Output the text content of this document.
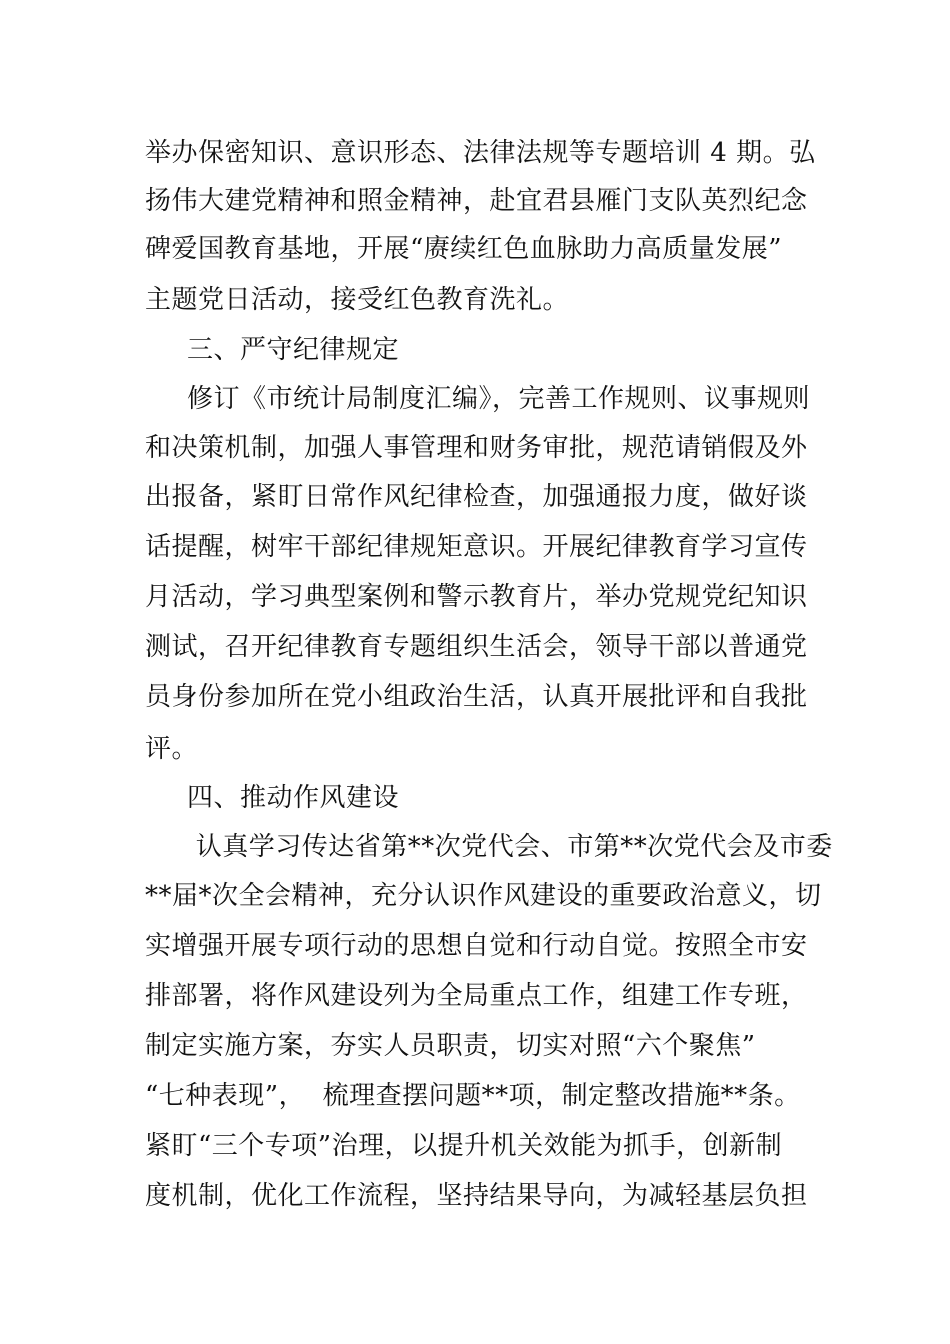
举办保密知识、意识形态、法律法规等专题培训 4 期。弘
扬伟大建党精神和照金精神，赴宜君县雁门支队英烈纪念
碑爱国教育基地，开展“赓续红色血脉助力高质量发展”
主题党日活动，接受红色教育洗礼。
三、严守纪律规定
修订《市统计局制度汇编》，完善工作规则、议事规则
和决策机制，加强人事管理和财务审批，规范请销假及外
出报备，紧盯日常作风纪律检查，加强通报力度，做好谈
话提醒，树牢干部纪律规矩意识。开展纪律教育学习宣传
月活动，学习典型案例和警示教育片，举办党规党纪知识
测试，召开纪律教育专题组织生活会，领导干部以普通党
员身份参加所在党小组政治生活，认真开展批评和自我批
评。
四、推动作风建设
认真学习传达省第**次党代会、市第**次党代会及市委
**届*次全会精神，充分认识作风建设的重要政治意义，切
实增强开展专项行动的思想自觉和行动自觉。按照全市安
排部署，将作风建设列为全局重点工作，组建工作专班，
制定实施方案，夯实人员职责，切实对照“六个聚焦”
“七种表现”，  梳理查摆问题**项，制定整改措施**条。
紧盯“三个专项”治理，以提升机关效能为抓手，创新制
度机制，优化工作流程，坚持结果导向，为减轻基层负担
